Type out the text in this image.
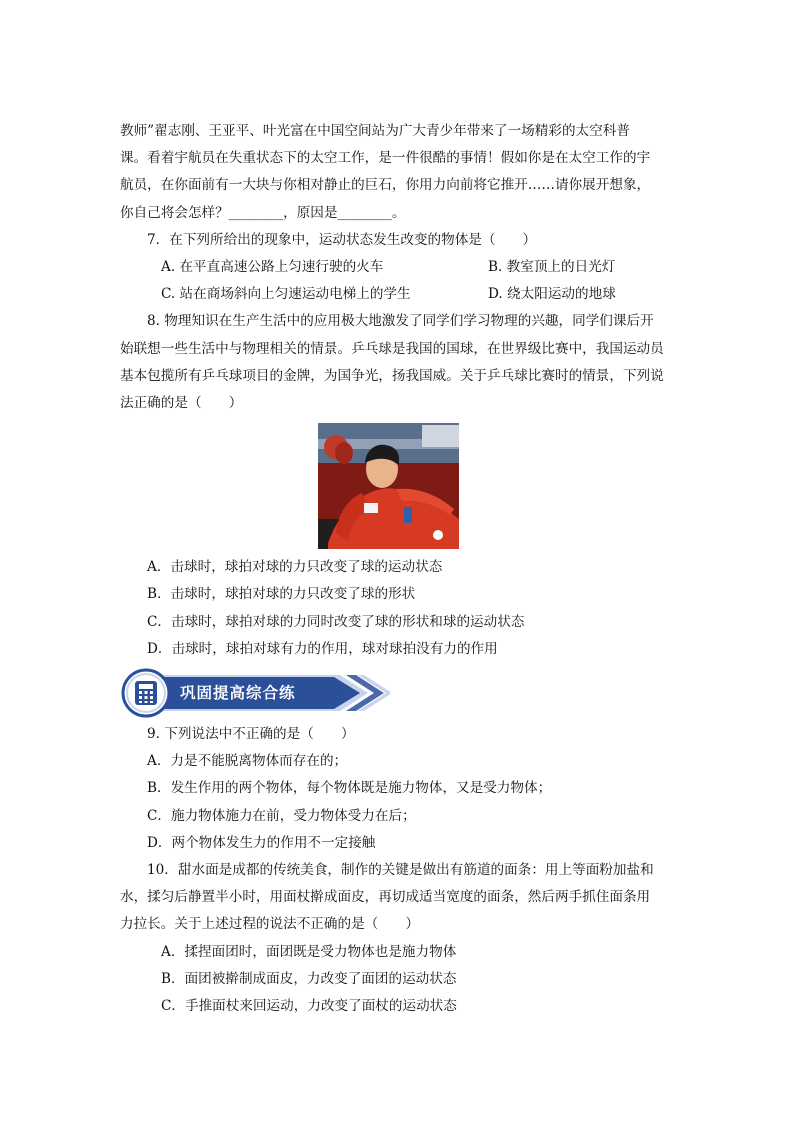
教师”翟志刚、王亚平、叶光富在中国空间站为广大青少年带来了一场精彩的太空科普

课。看着宇航员在失重状态下的太空工作，是一件很酷的事情！假如你是在太空工作的宇

航员，在你面前有一大块与你相对静止的巨石，你用力向前将它推开……请你展开想象，

你自己将会怎样？________，原因是________。

7．在下列所给出的现象中，运动状态发生改变的物体是（　　）

A. 在平直高速公路上匀速行驶的火车	B. 教室顶上的日光灯
C. 站在商场斜向上匀速运动电梯上的学生	D. 绕太阳运动的地球

8. 物理知识在生产生活中的应用极大地激发了同学们学习物理的兴趣，同学们课后开

始联想一些生活中与物理相关的情景。乒乓球是我国的国球，在世界级比赛中，我国运动员

基本包揽所有乒乓球项目的金牌，为国争光，扬我国威。关于乒乓球比赛时的情景，下列说

法正确的是（　　）

A．击球时，球拍对球的力只改变了球的运动状态

B．击球时，球拍对球的力只改变了球的形状

C．击球时，球拍对球的力同时改变了球的形状和球的运动状态

D．击球时，球拍对球有力的作用，球对球拍没有力的作用

巩固提高综合练

9. 下列说法中不正确的是（　　）

A．力是不能脱离物体而存在的；

B．发生作用的两个物体，每个物体既是施力物体，又是受力物体；

C．施力物体施力在前，受力物体受力在后；

D．两个物体发生力的作用不一定接触

10．甜水面是成都的传统美食，制作的关键是做出有筋道的面条：用上等面粉加盐和

水，揉匀后静置半小时，用面杖擀成面皮，再切成适当宽度的面条，然后两手抓住面条用

力拉长。关于上述过程的说法不正确的是（　　）

A．揉捏面团时，面团既是受力物体也是施力物体

B．面团被擀制成面皮，力改变了面团的运动状态

C．手推面杖来回运动，力改变了面杖的运动状态
